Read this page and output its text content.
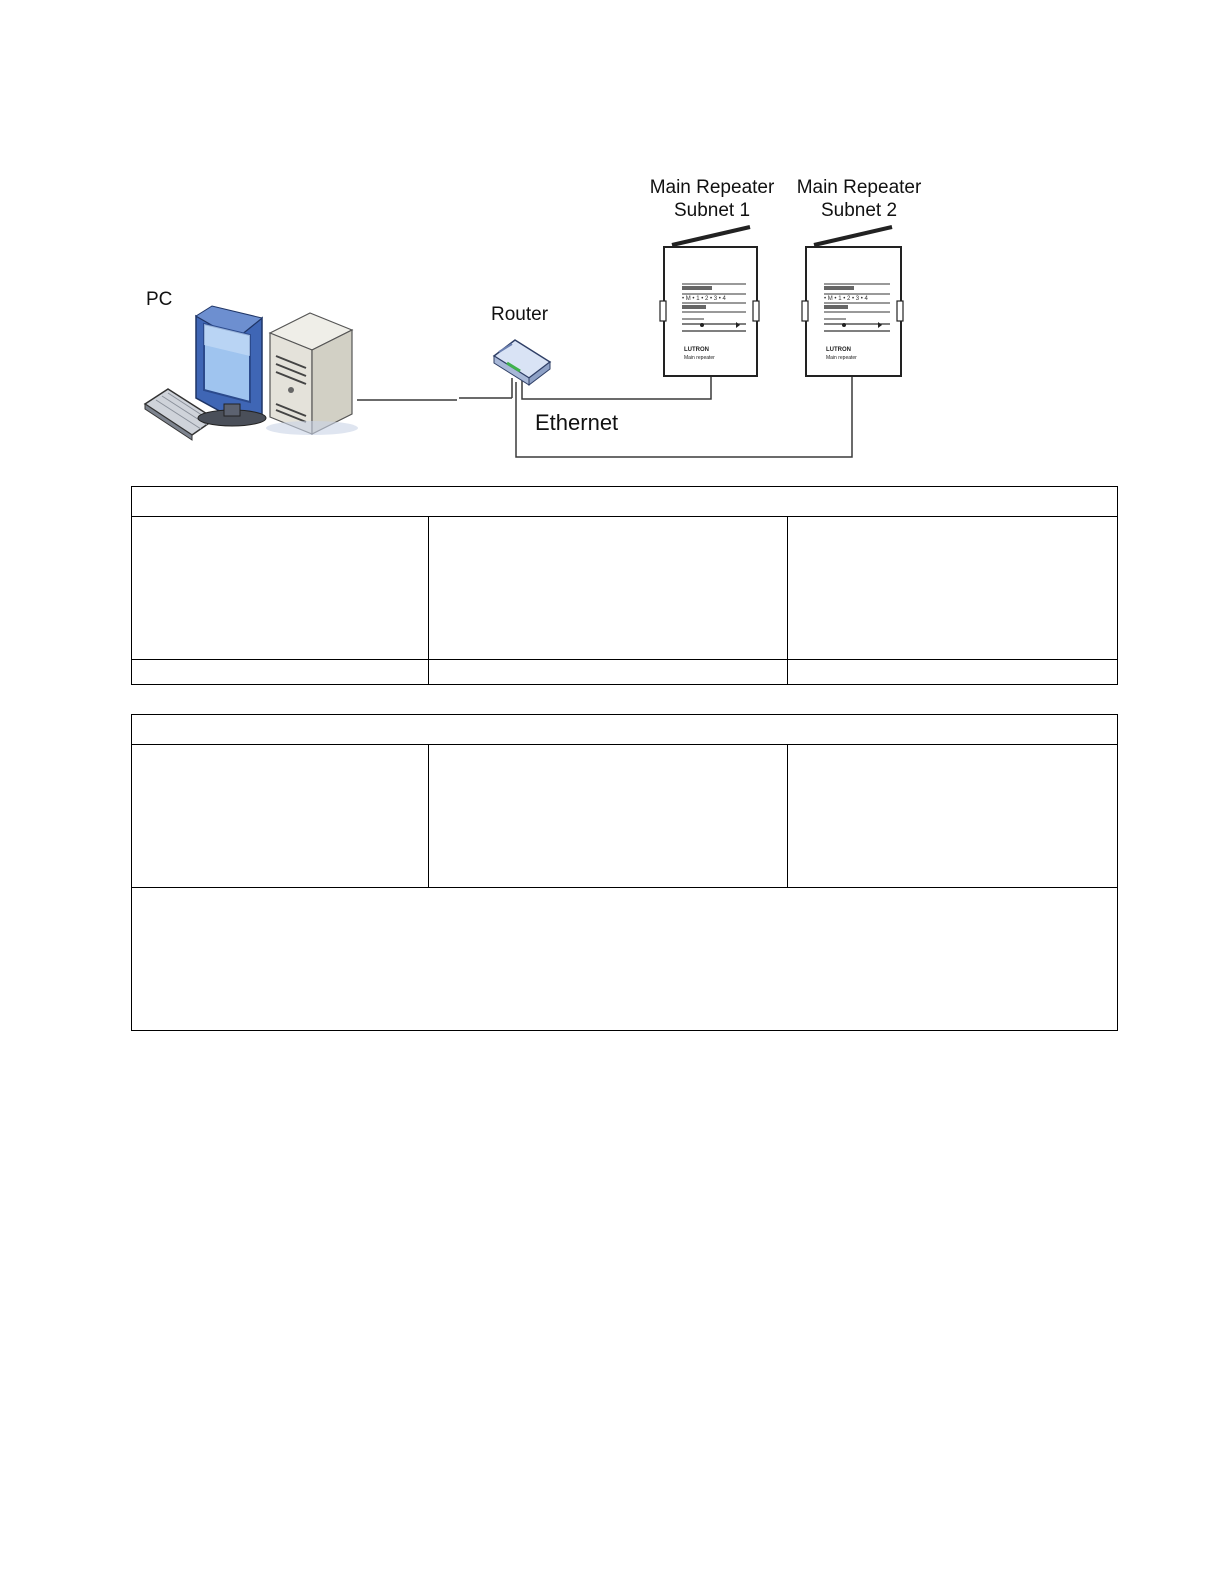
• M • 1 • 2 • 3 • 4
LUTRON
Main repeater
• M • 1 • 2 • 3 • 4
LUTRON
Main repeater
PC
Router
Ethernet
Main Repeater
Subnet 1
Main Repeater
Subnet 2
